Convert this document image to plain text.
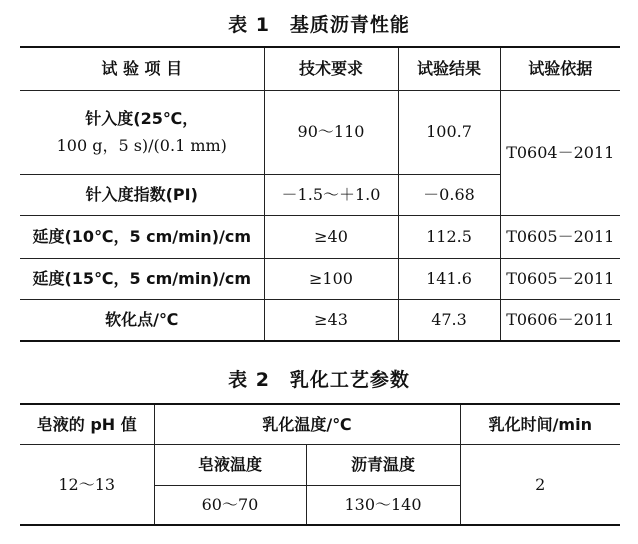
表 1　基质沥青性能
试 验 项 目	技术要求	试验结果	试验依据

针入度(25℃，
100 g，5 s)/(0.1 mm)	90～110	100.7	T0604－2011
针入度指数(PI)	－1.5～＋1.0	－0.68	
延度(10℃，5 cm/min)/cm	≥40	112.5	T0605－2011
延度(15℃，5 cm/min)/cm	≥100	141.6	T0605－2011
软化点/℃	≥43	47.3	T0606－2011
表 2　乳化工艺参数
皂液的 pH 值	乳化温度/℃		乳化时间/min
12～13	皂液温度	沥青温度	2
	60～70	130～140	
